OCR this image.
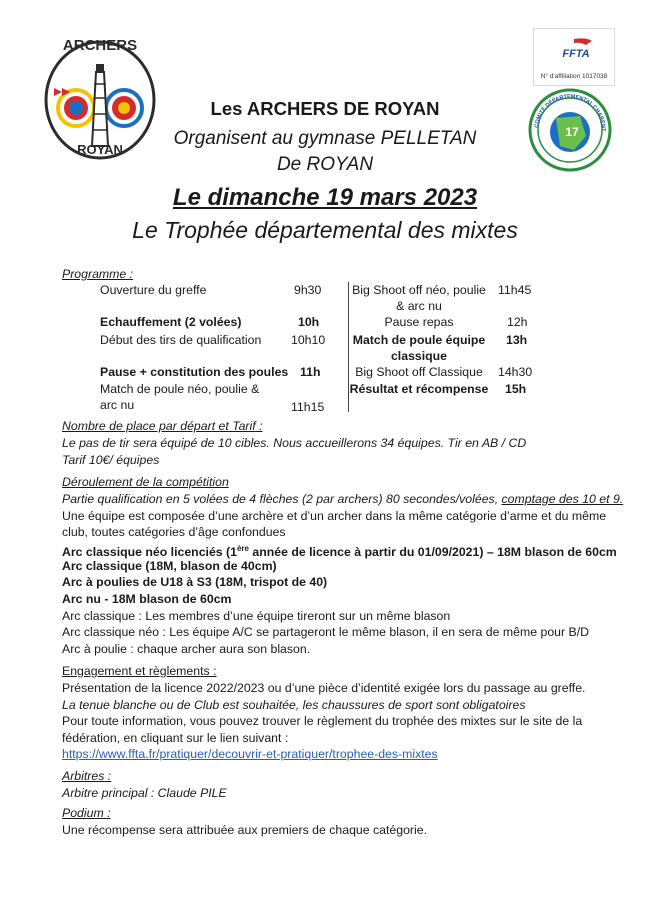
ARCHERS
ROYAN
FFTA
N° d'affiliation 1017038
17
COMITÉ DÉPARTEMENTAL CHARENT
Les ARCHERS DE ROYAN
Organisent au gymnase PELLETAN
De ROYAN
Le dimanche 19 mars 2023
Le Trophée départemental des mixtes
Programme :
Ouverture du greffe	9h30
Echauffement (2 volées)	10h
Début des tirs de qualification 10h10
Pause + constitution des poules 11h
Match de poule néo, poulie &
arc nu	11h15
Big Shoot off néo, poulie
& arc nu
11h45
Pause repas	12h
Match de poule équipe
classique
13h
Big Shoot off Classique	14h30
Résultat et récompense 15h
Nombre de place par départ et Tarif :
Le pas de tir sera équipé de 10 cibles. Nous accueillerons 34 équipes. Tir en AB / CD
Tarif 10€/ équipes
Déroulement de la compétition
Partie qualification en 5 volées de 4 flèches (2 par archers) 80 secondes/volées, comptage des 10 et 9.
Une équipe est composée d’une archère et d’un archer dans la même catégorie d’arme et du même
club, toutes catégories d’âge confondues
Arc classique néo licenciés (1ère année de licence à partir du 01/09/2021) – 18M blason de 60cm
Arc classique (18M, blason de 40cm)
Arc à poulies de U18 à S3 (18M, trispot de 40)
Arc nu - 18M blason de 60cm
Arc classique : Les membres d’une équipe tireront sur un même blason
Arc classique néo : Les équipe A/C se partageront le même blason, il en sera de même pour B/D
Arc à poulie : chaque archer aura son blason.
Engagement et règlements :
Présentation de la licence 2022/2023 ou d’une pièce d’identité exigée lors du passage au greffe.
La tenue blanche ou de Club est souhaitée, les chaussures de sport sont obligatoires
Pour toute information, vous pouvez trouver le règlement du trophée des mixtes sur le site de la
fédération, en cliquant sur le lien suivant :
https://www.ffta.fr/pratiquer/decouvrir-et-pratiquer/trophee-des-mixtes
Arbitres :
Arbitre principal : Claude PILE
Podium :
Une récompense sera attribuée aux premiers de chaque catégorie.
